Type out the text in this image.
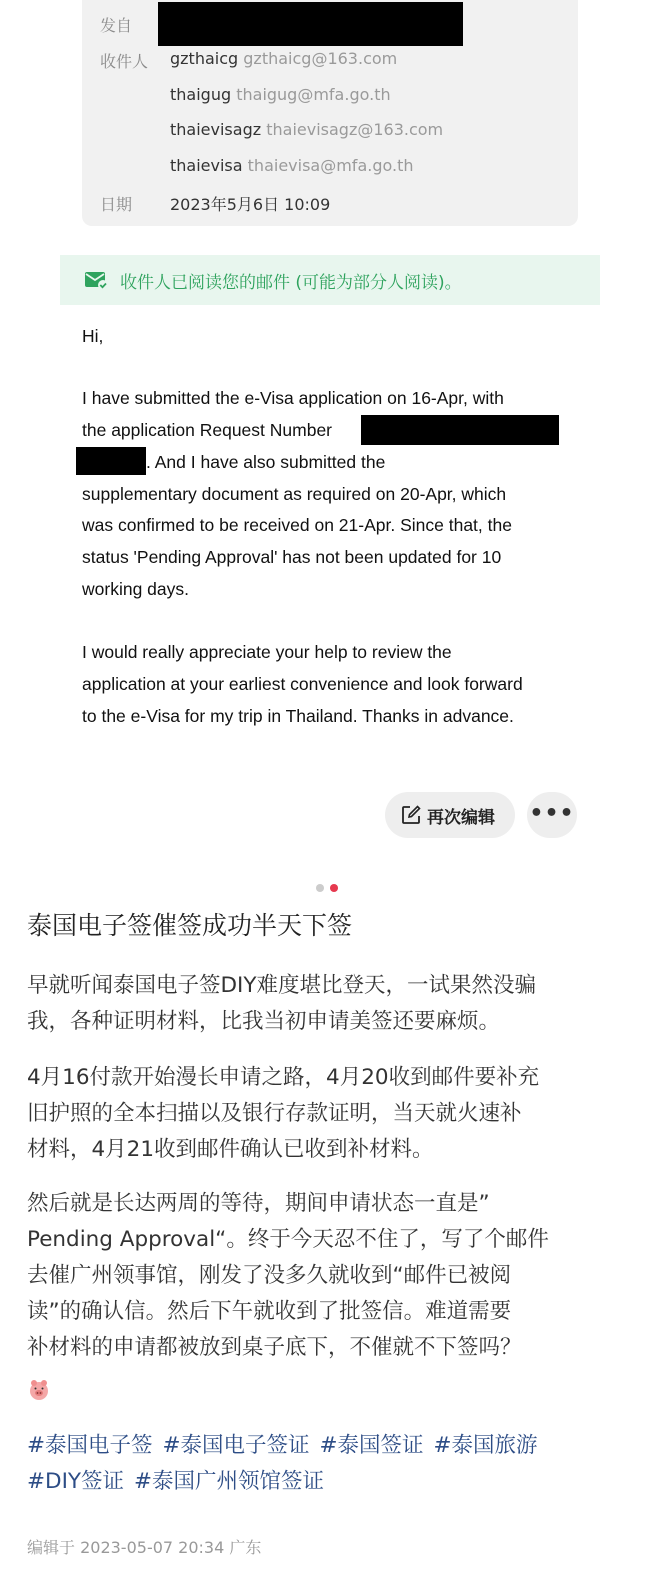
发自
收件人 gzthaicg gzthaicg@163.com
thaigug thaigug@mfa.go.th
thaievisagz thaievisagz@163.com
thaievisa thaievisa@mfa.go.th
日期 2023年5月6日 10:09
收件人已阅读您的邮件 (可能为部分人阅读)。
Hi,
I have submitted the e-Visa application on 16-Apr, with
the application Request Number
. And I have also submitted the
supplementary document as required on 20-Apr, which
was confirmed to be received on 21-Apr. Since that, the
status 'Pending Approval' has not been updated for 10
working days.
I would really appreciate your help to review the
application at your earliest convenience and look forward
to the e-Visa for my trip in Thailand. Thanks in advance.
再次编辑 •••
泰国电子签催签成功半天下签
早就听闻泰国电子签DIY难度堪比登天，一试果然没骗
我，各种证明材料，比我当初申请美签还要麻烦。
4月16付款开始漫长申请之路，4月20收到邮件要补充
旧护照的全本扫描以及银行存款证明，当天就火速补
材料，4月21收到邮件确认已收到补材料。
然后就是长达两周的等待，期间申请状态一直是”
Pending Approval“。终于今天忍不住了，写了个邮件
去催广州领事馆，刚发了没多久就收到“邮件已被阅
读”的确认信。然后下午就收到了批签信。难道需要
补材料的申请都被放到桌子底下，不催就不下签吗？
#泰国电子签 #泰国电子签证 #泰国签证 #泰国旅游
#DIY签证 #泰国广州领馆签证
编辑于 2023-05-07 20:34 广东
